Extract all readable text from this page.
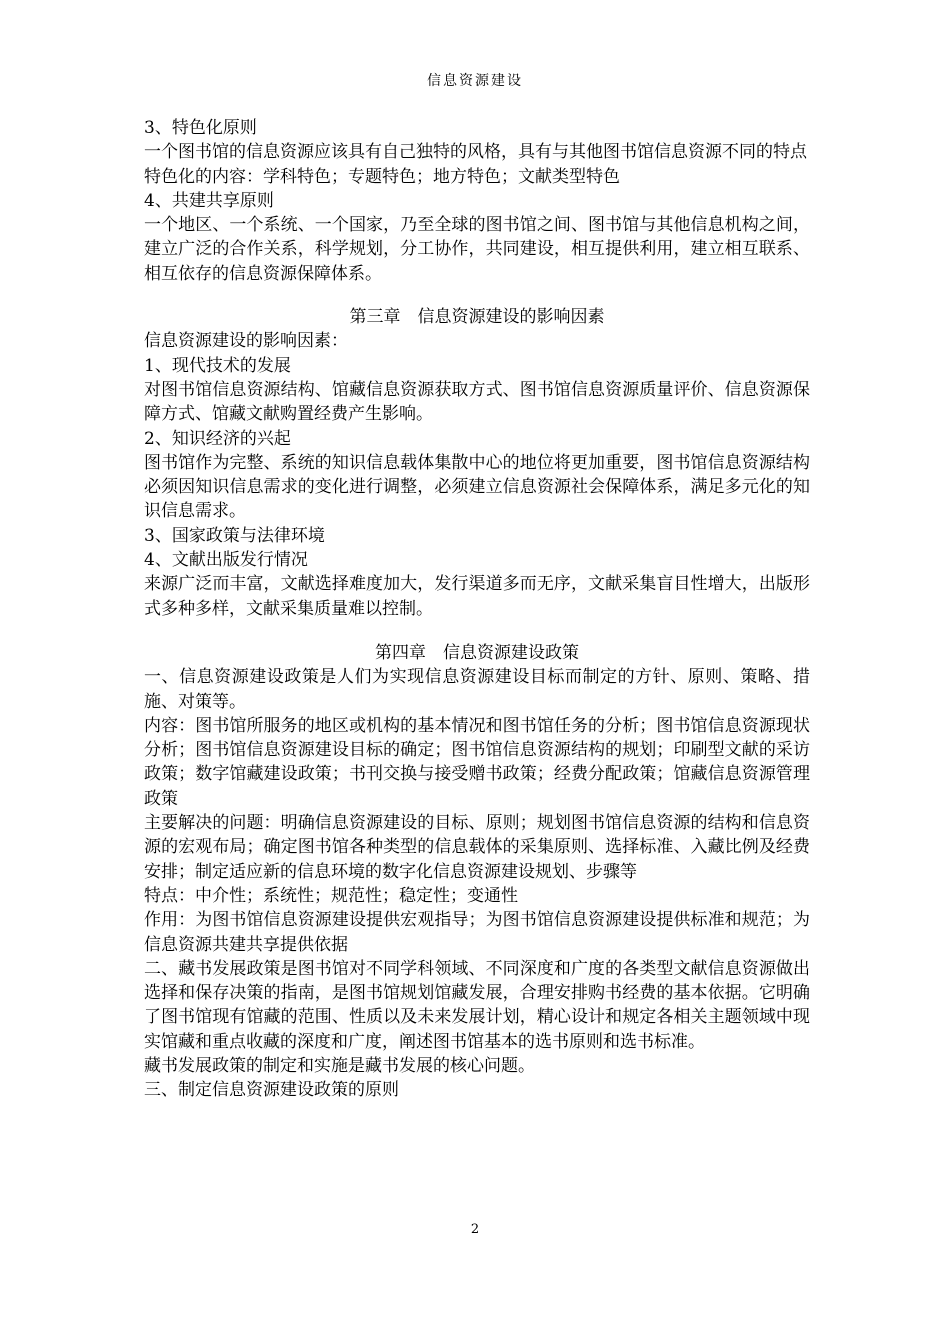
信息资源建设
3、特色化原则
一个图书馆的信息资源应该具有自己独特的风格，具有与其他图书馆信息资源不同的特点
特色化的内容：学科特色；专题特色；地方特色；文献类型特色
4、共建共享原则
一个地区、一个系统、一个国家，乃至全球的图书馆之间、图书馆与其他信息机构之间，建立广泛的合作关系，科学规划，分工协作，共同建设，相互提供利用，建立相互联系、相互依存的信息资源保障体系。
第三章　信息资源建设的影响因素
信息资源建设的影响因素：
1、现代技术的发展
对图书馆信息资源结构、馆藏信息资源获取方式、图书馆信息资源质量评价、信息资源保障方式、馆藏文献购置经费产生影响。
2、知识经济的兴起
图书馆作为完整、系统的知识信息载体集散中心的地位将更加重要，图书馆信息资源结构必须因知识信息需求的变化进行调整，必须建立信息资源社会保障体系，满足多元化的知识信息需求。
3、国家政策与法律环境
4、文献出版发行情况
来源广泛而丰富，文献选择难度加大，发行渠道多而无序，文献采集盲目性增大，出版形式多种多样，文献采集质量难以控制。
第四章　信息资源建设政策
一、信息资源建设政策是人们为实现信息资源建设目标而制定的方针、原则、策略、措施、对策等。
内容：图书馆所服务的地区或机构的基本情况和图书馆任务的分析；图书馆信息资源现状分析；图书馆信息资源建设目标的确定；图书馆信息资源结构的规划；印刷型文献的采访政策；数字馆藏建设政策；书刊交换与接受赠书政策；经费分配政策；馆藏信息资源管理政策
主要解决的问题：明确信息资源建设的目标、原则；规划图书馆信息资源的结构和信息资源的宏观布局；确定图书馆各种类型的信息载体的采集原则、选择标准、入藏比例及经费安排；制定适应新的信息环境的数字化信息资源建设规划、步骤等
特点：中介性；系统性；规范性；稳定性；变通性
作用：为图书馆信息资源建设提供宏观指导；为图书馆信息资源建设提供标准和规范；为信息资源共建共享提供依据
二、藏书发展政策是图书馆对不同学科领域、不同深度和广度的各类型文献信息资源做出选择和保存决策的指南，是图书馆规划馆藏发展，合理安排购书经费的基本依据。它明确了图书馆现有馆藏的范围、性质以及未来发展计划，精心设计和规定各相关主题领域中现实馆藏和重点收藏的深度和广度，阐述图书馆基本的选书原则和选书标准。
藏书发展政策的制定和实施是藏书发展的核心问题。
三、制定信息资源建设政策的原则
2
